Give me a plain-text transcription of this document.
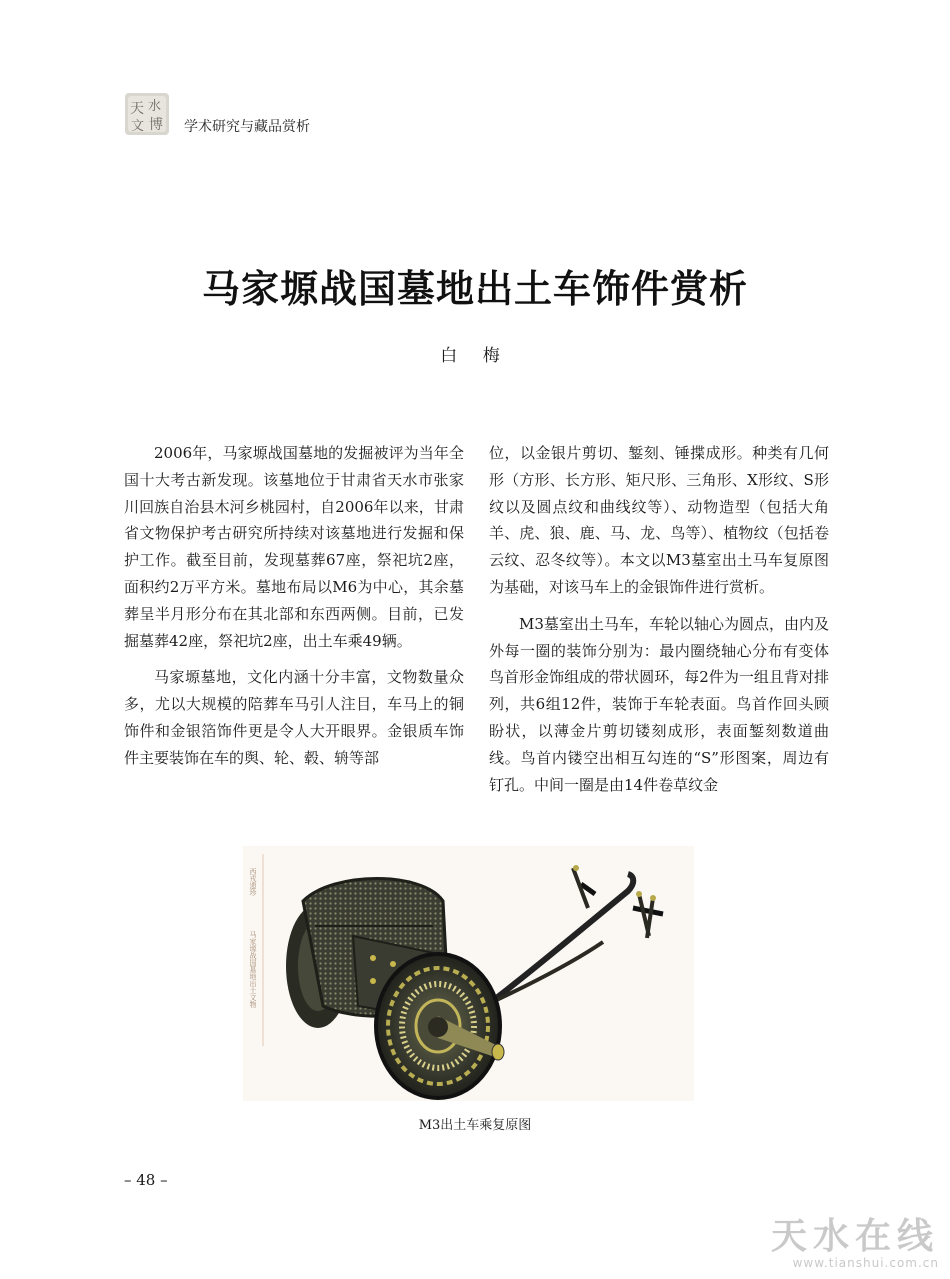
天 水
文 博 学术研究与藏品赏析
马家塬战国墓地出土车饰件赏析
白 梅

2006年，马家塬战国墓地的发掘被评为当年全国十大考古新发现。该墓地位于甘肃省天水市张家川回族自治县木河乡桃园村，自2006年以来，甘肃省文物保护考古研究所持续对该墓地进行发掘和保护工作。截至目前，发现墓葬67座，祭祀坑2座，面积约2万平方米。墓地布局以M6为中心，其余墓葬呈半月形分布在其北部和东西两侧。目前，已发掘墓葬42座，祭祀坑2座，出土车乘49辆。

马家塬墓地，文化内涵十分丰富，文物数量众多，尤以大规模的陪葬车马引人注目，车马上的铜饰件和金银箔饰件更是令人大开眼界。金银质车饰件主要装饰在车的舆、轮、毂、辀等部

位，以金银片剪切、錾刻、锤揲成形。种类有几何形（方形、长方形、矩尺形、三角形、X形纹、S形纹以及圆点纹和曲线纹等）、动物造型（包括大角羊、虎、狼、鹿、马、龙、鸟等）、植物纹（包括卷云纹、忍冬纹等）。本文以M3墓室出土马车复原图为基础，对该马车上的金银饰件进行赏析。

M3墓室出土马车，车轮以轴心为圆点，由内及外每一圈的装饰分别为：最内圈绕轴心分布有变体鸟首形金饰组成的带状圆环，每2件为一组且背对排列，共6组12件，装饰于车轮表面。鸟首作回头顾盼状，以薄金片剪切镂刻成形，表面錾刻数道曲线。鸟首内镂空出相互勾连的“S”形图案，周边有钉孔。中间一圈是由14件卷草纹金

西戎遗珍
马家塬战国墓地出土文物
M3出土车乘复原图
– 48 –
天水在线
www.tianshui.com.cn
